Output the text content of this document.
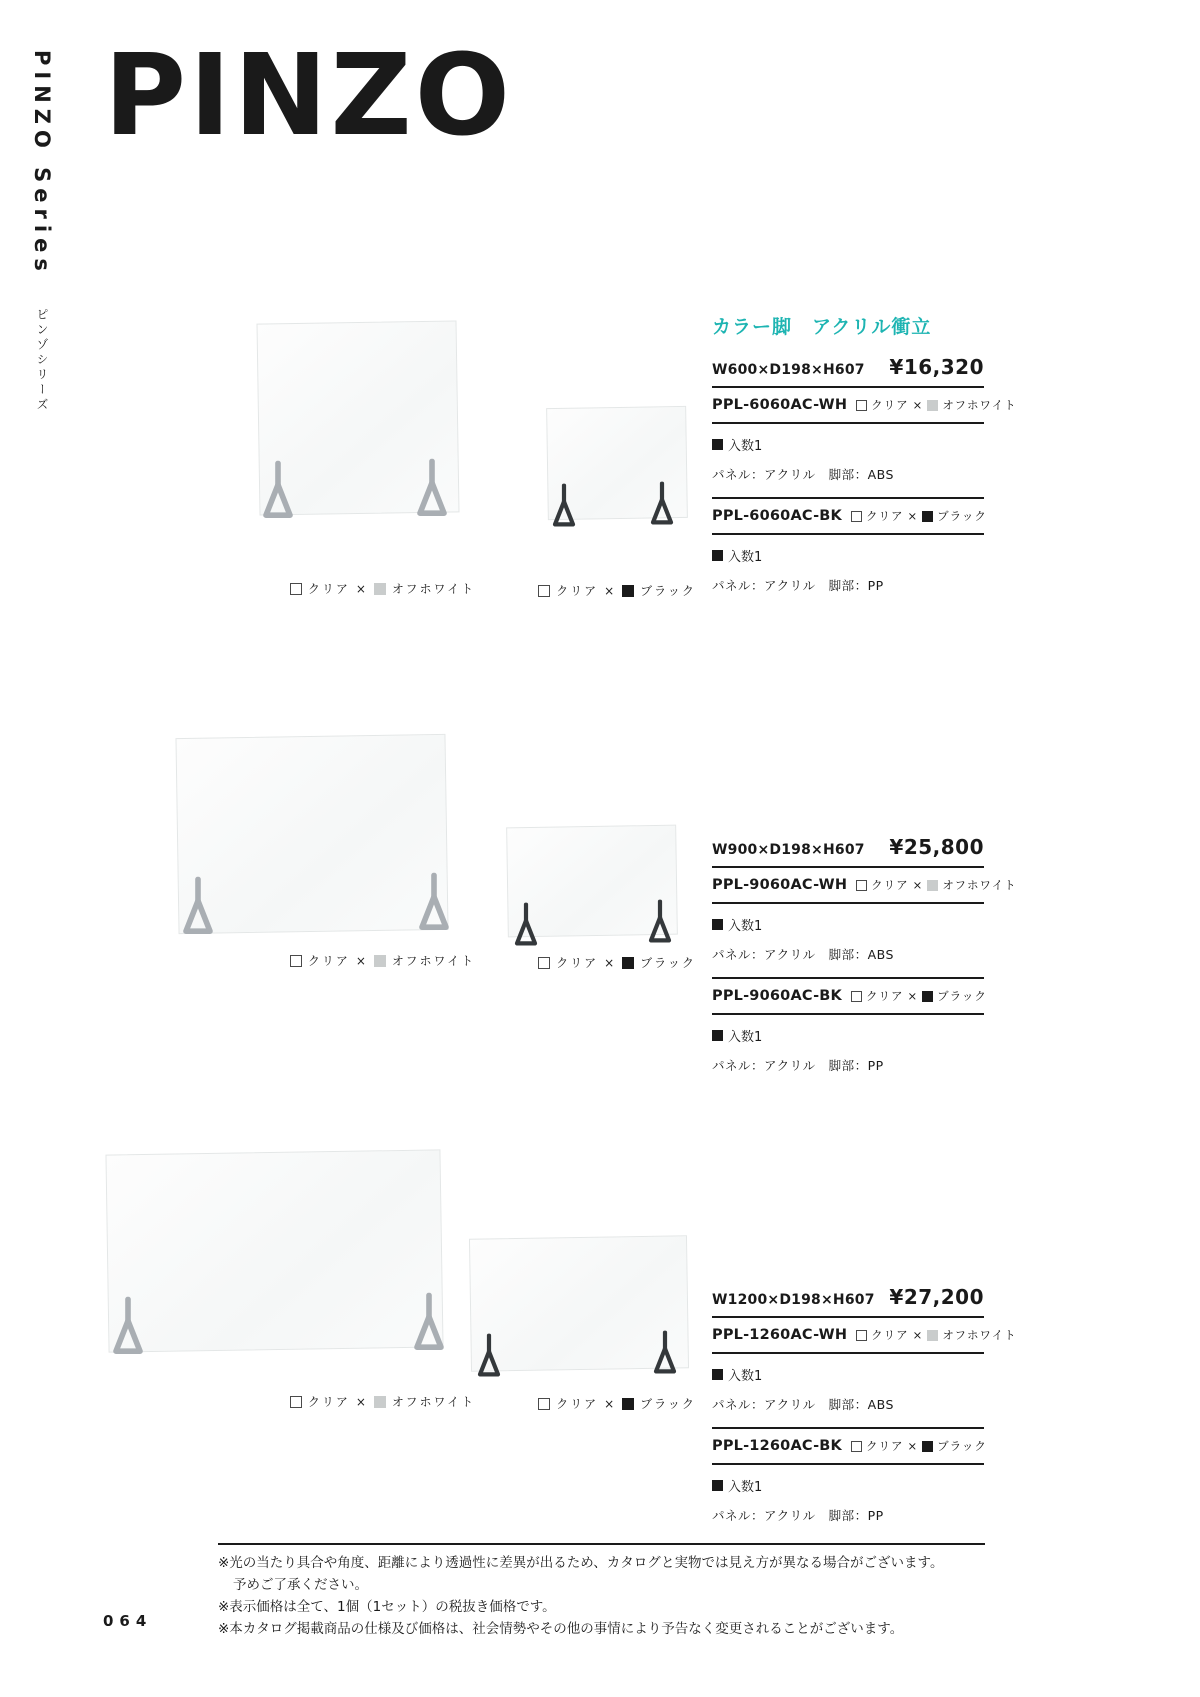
PINZO Series ピンゾシリーズ
PINZO
クリア × オフホワイト	クリア × ブラック
カラー脚　アクリル衝立
W600×D198×H607 ¥16,320
PPL-6060AC-WH クリア × オフホワイト
入数1
パネル：アクリル　脚部：ABS
PPL-6060AC-BK クリア × ブラック
入数1
パネル：アクリル　脚部：PP
クリア × オフホワイト	クリア × ブラック
W900×D198×H607 ¥25,800
PPL-9060AC-WH クリア × オフホワイト
入数1
パネル：アクリル　脚部：ABS
PPL-9060AC-BK クリア × ブラック
入数1
パネル：アクリル　脚部：PP
クリア × オフホワイト	クリア × ブラック
W1200×D198×H607 ¥27,200
PPL-1260AC-WH クリア × オフホワイト
入数1
パネル：アクリル　脚部：ABS
PPL-1260AC-BK クリア × ブラック
入数1
パネル：アクリル　脚部：PP
※光の当たり具合や角度、距離により透過性に差異が出るため、カタログと実物では見え方が異なる場合がございます。
予めご了承ください。
※表示価格は全て、1個（1セット）の税抜き価格です。
※本カタログ掲載商品の仕様及び価格は、社会情勢やその他の事情により予告なく変更されることがございます。
064
